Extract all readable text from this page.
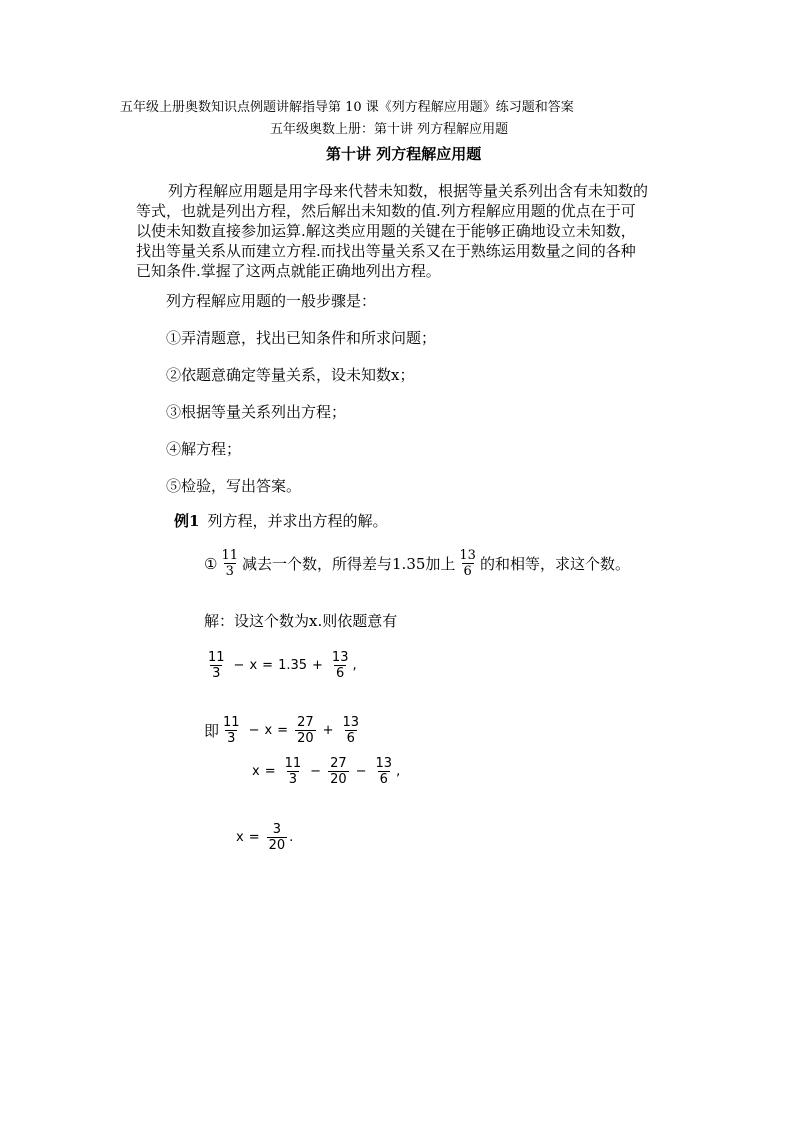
五年级上册奥数知识点例题讲解指导第 10 课《列方程解应用题》练习题和答案
五年级奥数上册：第十讲 列方程解应用题
第十讲 列方程解应用题
列方程解应用题是用字母来代替未知数，根据等量关系列出含有未知数的
等式，也就是列出方程，然后解出未知数的值.列方程解应用题的优点在于可
以使未知数直接参加运算.解这类应用题的关键在于能够正确地设立未知数，
找出等量关系从而建立方程.而找出等量关系又在于熟练运用数量之间的各种
已知条件.掌握了这两点就能正确地列出方程。
列方程解应用题的一般步骤是：
①弄清题意，找出已知条件和所求问题；
②依题意确定等量关系，设未知数x；
③根据等量关系列出方程；
④解方程；
⑤检验，写出答案。
例1 列方程，并求出方程的解。
① $\frac{11}{3}$ 减去一个数，所得差与1.35加上 $\frac{13}{6}$ 的和相等，求这个数。
解：设这个数为x.则依题意有
$\frac{11}{3} - x = 1.35 + \frac{13}{6}$ ,
即 $\frac{11}{3} - x = \frac{27}{20} + \frac{13}{6}$
$x = \frac{11}{3} - \frac{27}{20} - \frac{13}{6}$ ,
$x = \frac{3}{20}$ .
